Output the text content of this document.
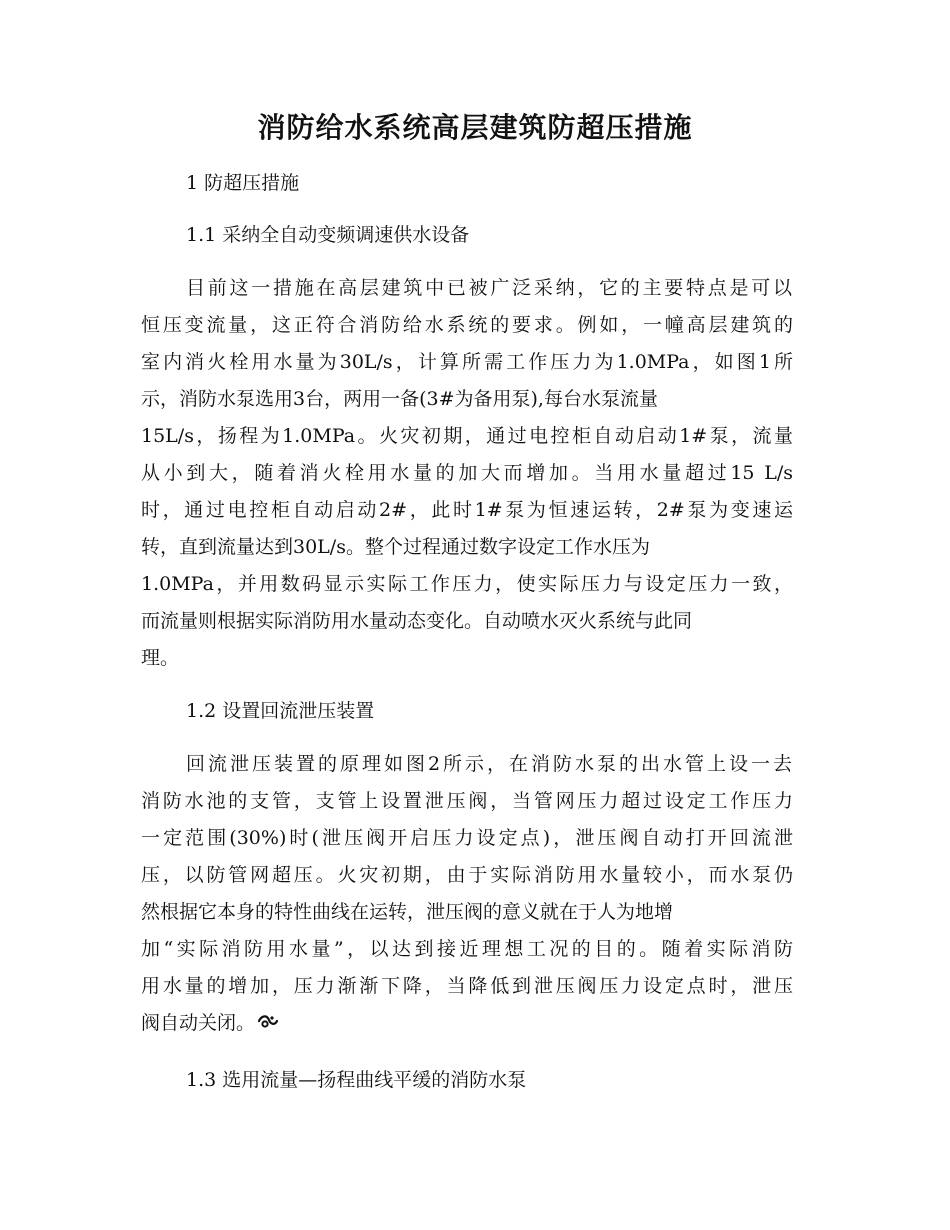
消防给水系统高层建筑防超压措施
1 防超压措施
1.1 采纳全自动变频调速供水设备
目前这一措施在高层建筑中已被广泛采纳，它的主要特点是可以
恒压变流量，这正符合消防给水系统的要求。例如，一幢高层建筑的
室内消火栓用水量为30L/s，计算所需工作压力为1.0MPa，如图1所
示，消防水泵选用3台，两用一备(3#为备用泵),每台水泵流量
15L/s，扬程为1.0MPa。火灾初期，通过电控柜自动启动1#泵，流量
从小到大，随着消火栓用水量的加大而增加。当用水量超过15 L/s
时，通过电控柜自动启动2#，此时1#泵为恒速运转，2#泵为变速运
转，直到流量达到30L/s。整个过程通过数字设定工作水压为
1.0MPa，并用数码显示实际工作压力，使实际压力与设定压力一致，
而流量则根据实际消防用水量动态变化。自动喷水灭火系统与此同
理。
1.2 设置回流泄压装置
回流泄压装置的原理如图2所示，在消防水泵的出水管上设一去
消防水池的支管，支管上设置泄压阀，当管网压力超过设定工作压力
一定范围(30%)时(泄压阀开启压力设定点)，泄压阀自动打开回流泄
压，以防管网超压。火灾初期，由于实际消防用水量较小，而水泵仍
然根据它本身的特性曲线在运转，泄压阀的意义就在于人为地增
加“实际消防用水量”，以达到接近理想工况的目的。随着实际消防
用水量的增加，压力渐渐下降，当降低到泄压阀压力设定点时，泄压
阀自动关闭。
1.3 选用流量—扬程曲线平缓的消防水泵
